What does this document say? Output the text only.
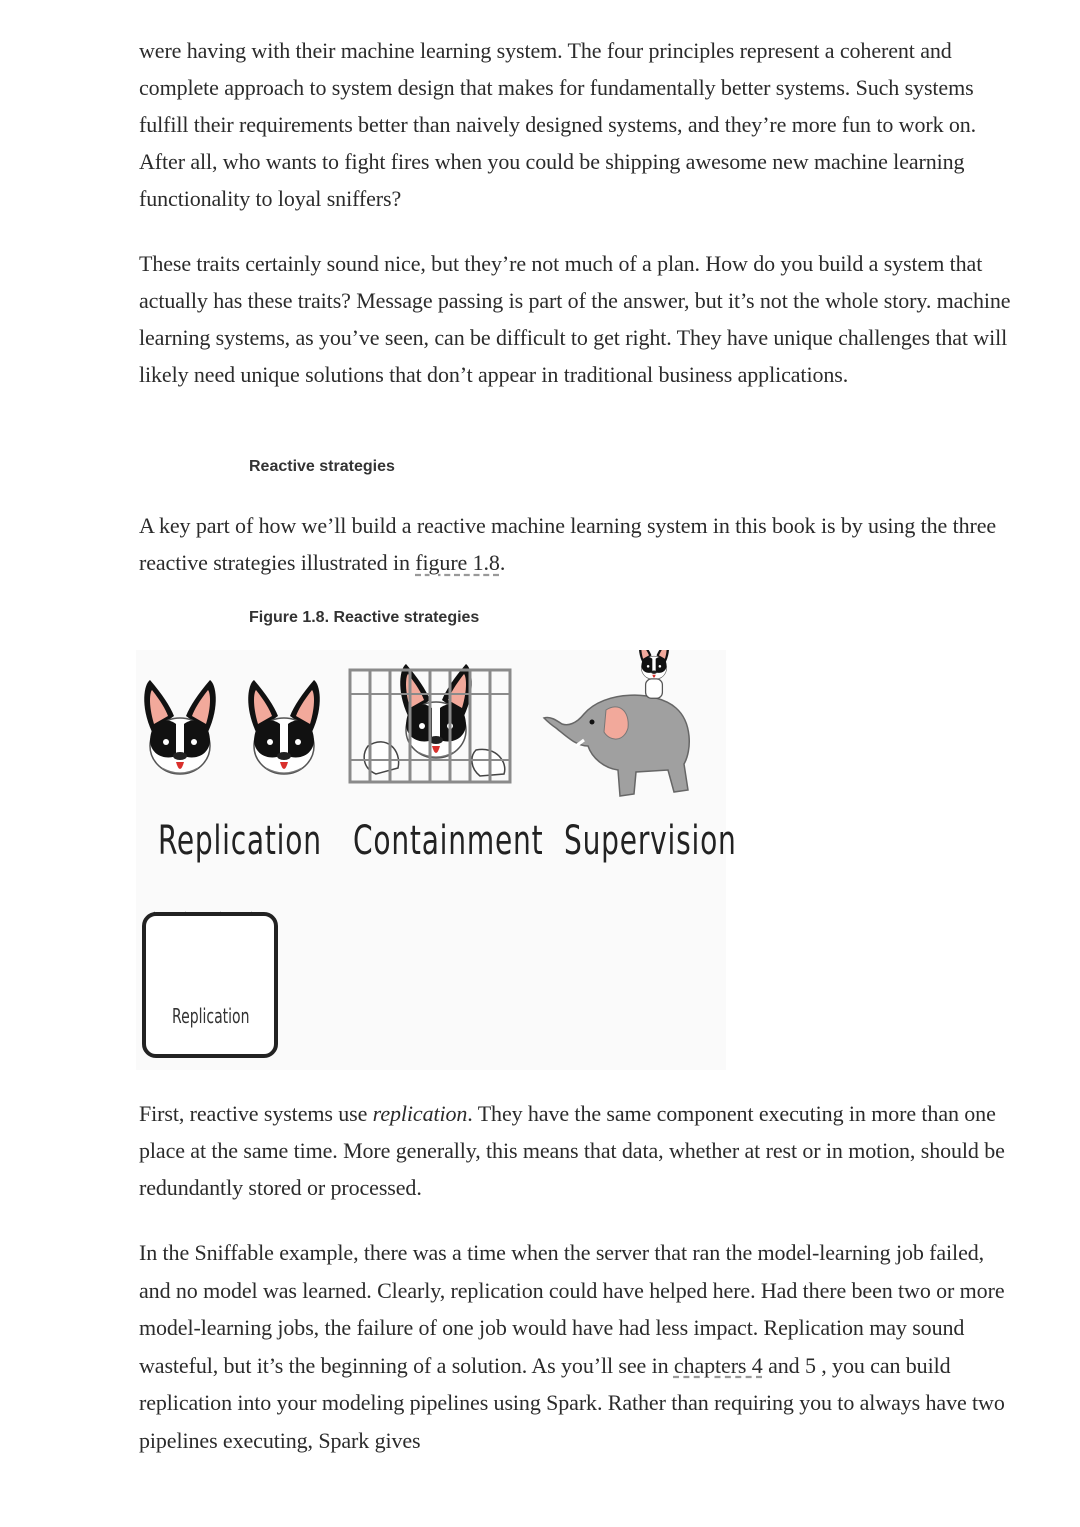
were having with their machine learning system. The four principles represent a coherent and complete approach to system design that makes for fundamentally better systems. Such systems fulfill their requirements better than naively designed systems, and they’re more fun to work on. After all, who wants to fight fires when you could be shipping awesome new machine learning functionality to loyal sniffers?

These traits certainly sound nice, but they’re not much of a plan. How do you build a system that actually has these traits? Message passing is part of the answer, but it’s not the whole story. machine learning systems, as you’ve seen, can be difficult to get right. They have unique challenges that will likely need unique solutions that don’t appear in traditional business applications.

Reactive strategies

A key part of how we’ll build a reactive machine learning system in this book is by using the three reactive strategies illustrated in figure 1.8.

Figure 1.8. Reactive strategies
Replication Containment Supervision
Replication

First, reactive systems use replication. They have the same component executing in more than one place at the same time. More generally, this means that data, whether at rest or in motion, should be redundantly stored or processed.

In the Sniffable example, there was a time when the server that ran the model-learning job failed, and no model was learned. Clearly, replication could have helped here. Had there been two or more model-learning jobs, the failure of one job would have had less impact. Replication may sound wasteful, but it’s the beginning of a solution. As you’ll see in chapters 4 and 5 , you can build replication into your modeling pipelines using Spark. Rather than requiring you to always have two pipelines executing, Spark gives
